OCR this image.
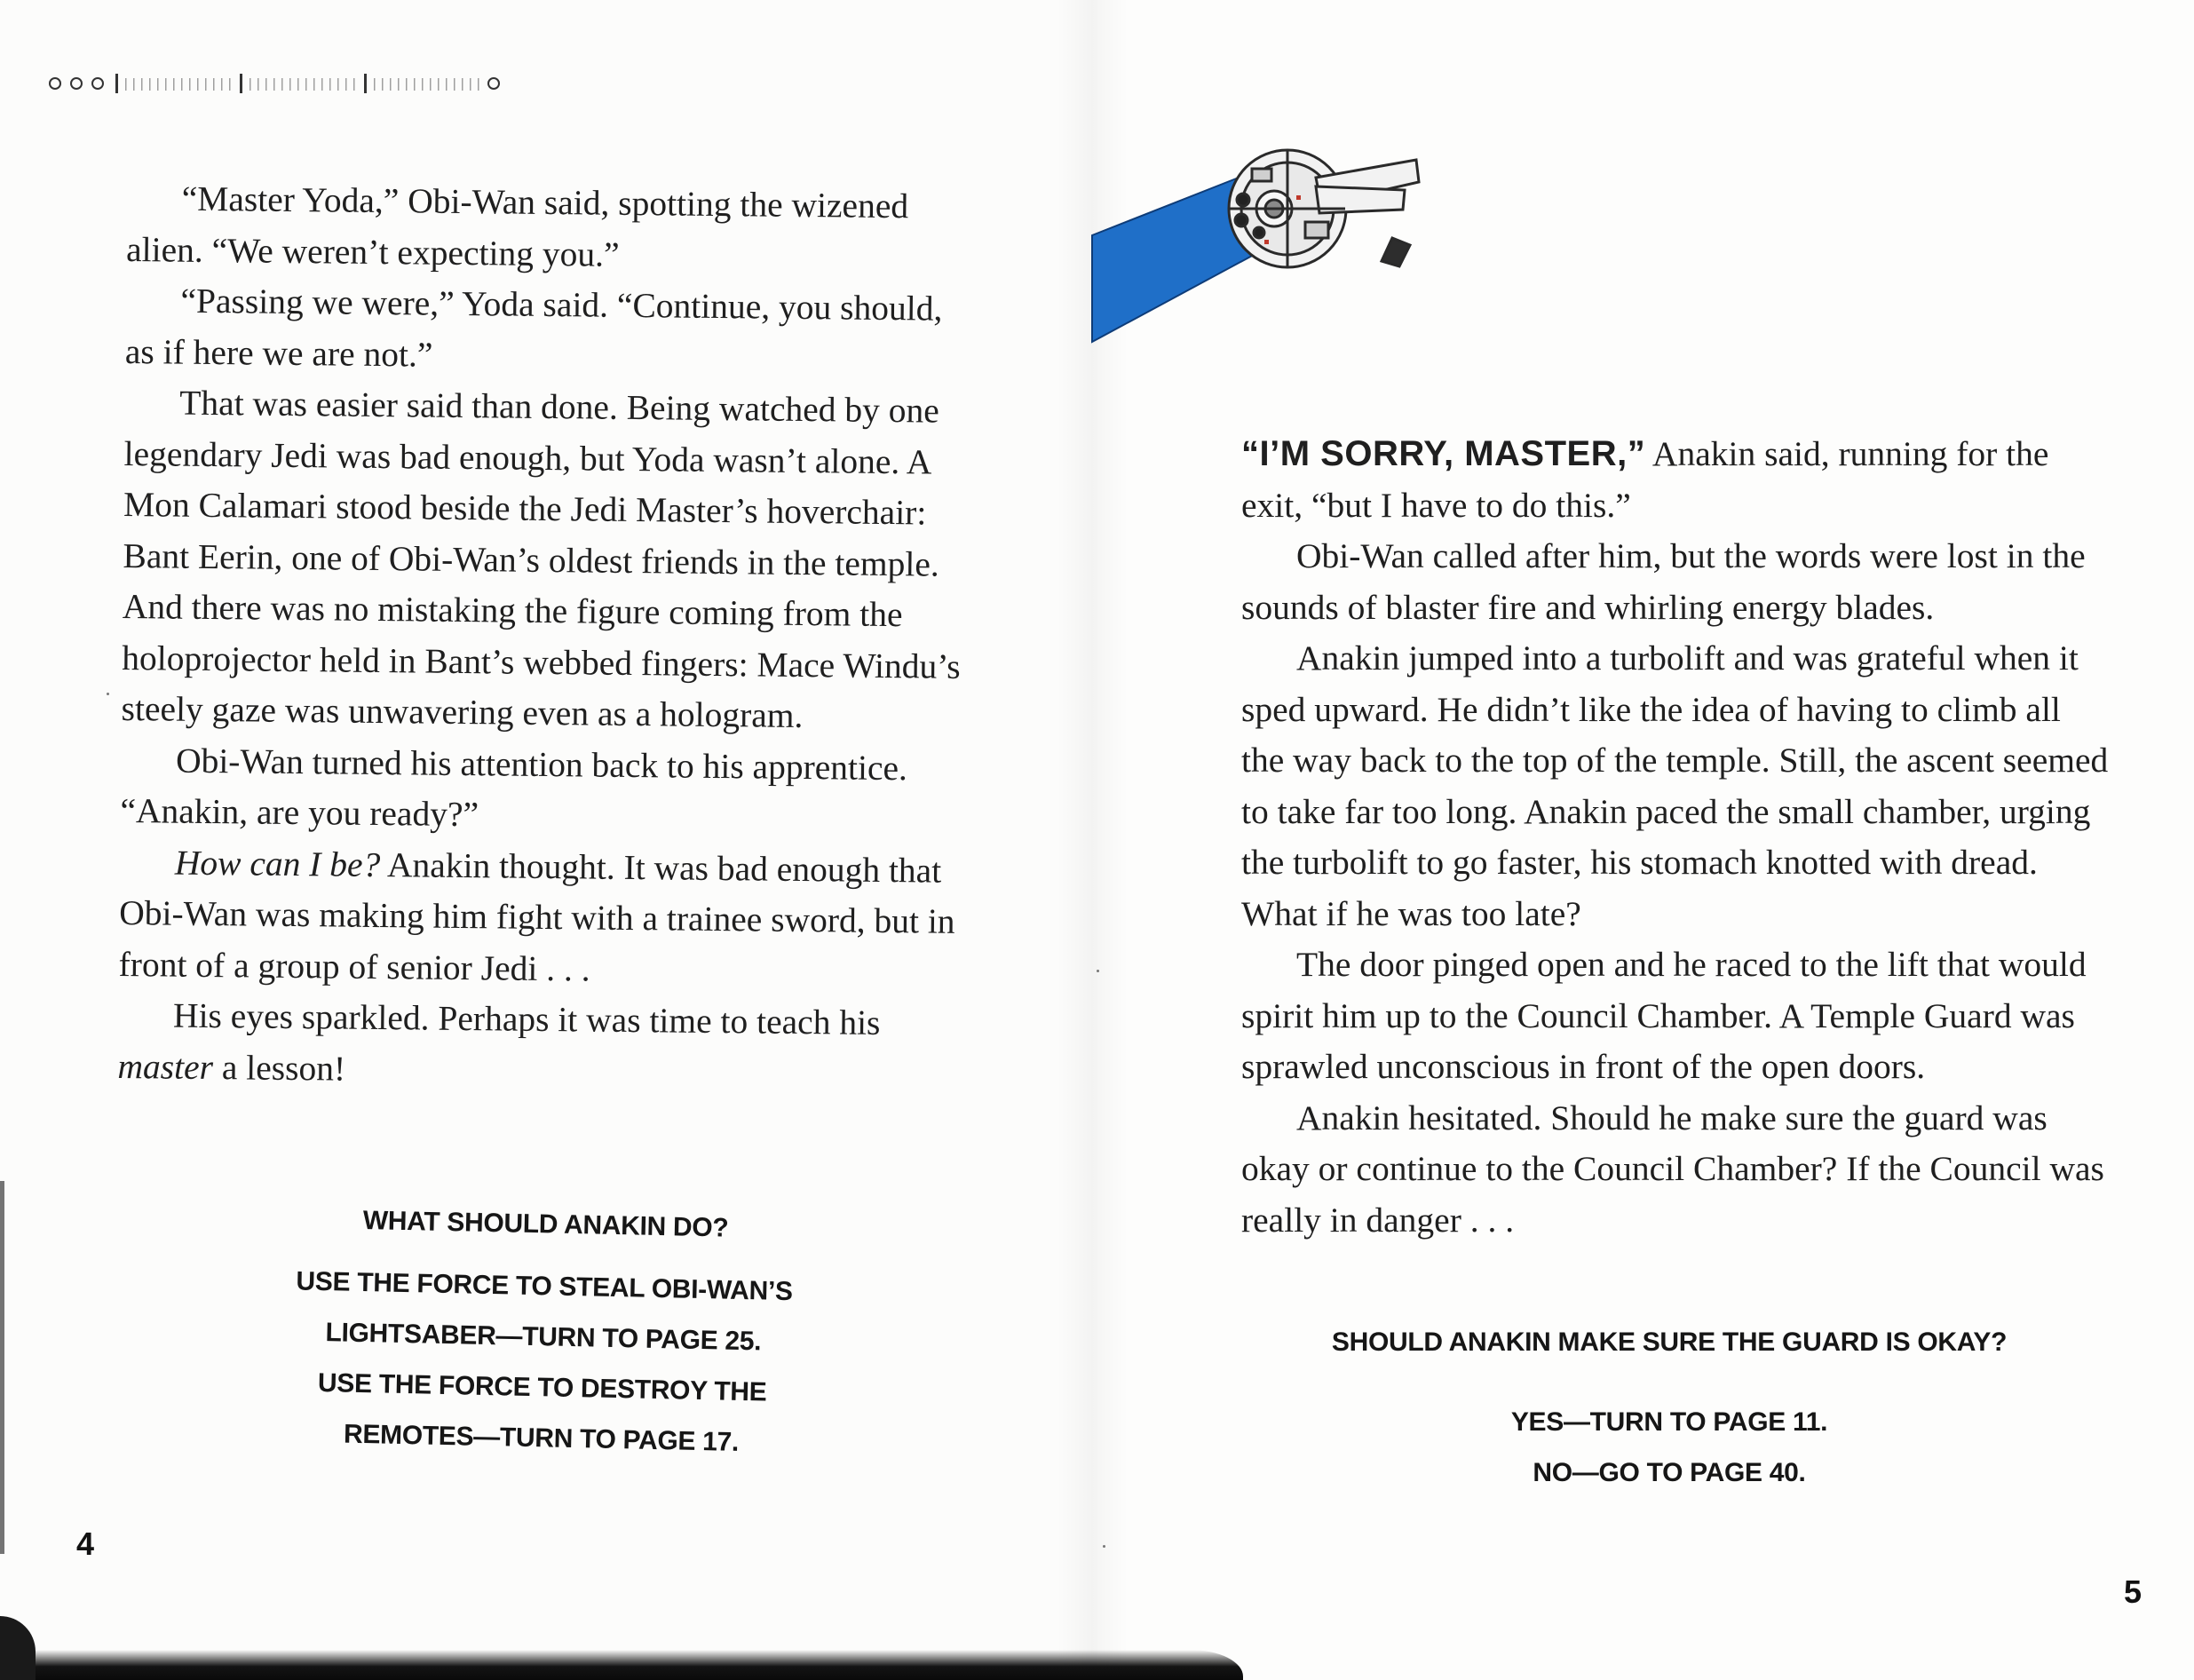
“Master Yoda,” Obi-Wan said, spotting the wizened alien. “We weren’t expecting you.”

“Passing we were,” Yoda said. “Continue, you should, as if here we are not.”

That was easier said than done. Being watched by one legendary Jedi was bad enough, but Yoda wasn’t alone. A Mon Calamari stood beside the Jedi Master’s hoverchair: Bant Eerin, one of Obi-Wan’s oldest friends in the temple. And there was no mistaking the figure coming from the holoprojector held in Bant’s webbed fingers: Mace Windu’s steely gaze was unwavering even as a hologram.

Obi-Wan turned his attention back to his apprentice. “Anakin, are you ready?”

How can I be? Anakin thought. It was bad enough that Obi-Wan was making him fight with a trainee sword, but in front of a group of senior Jedi . . .

His eyes sparkled. Perhaps it was time to teach his master a lesson!

WHAT SHOULD ANAKIN DO?
USE THE FORCE TO STEAL OBI-WAN’S
LIGHTSABER—TURN TO PAGE 25.
USE THE FORCE TO DESTROY THE
REMOTES—TURN TO PAGE 17.
4

“I’M SORRY, MASTER,” Anakin said, running for the exit, “but I have to do this.”

Obi-Wan called after him, but the words were lost in the sounds of blaster fire and whirling energy blades.

Anakin jumped into a turbolift and was grateful when it sped upward. He didn’t like the idea of having to climb all the way back to the top of the temple. Still, the ascent seemed to take far too long. Anakin paced the small chamber, urging the turbolift to go faster, his stomach knotted with dread. What if he was too late?

The door pinged open and he raced to the lift that would spirit him up to the Council Chamber. A Temple Guard was sprawled unconscious in front of the open doors.

Anakin hesitated. Should he make sure the guard was okay or continue to the Council Chamber? If the Council was really in danger . . .

SHOULD ANAKIN MAKE SURE THE GUARD IS OKAY?
YES—TURN TO PAGE 11.
NO—GO TO PAGE 40.
5
